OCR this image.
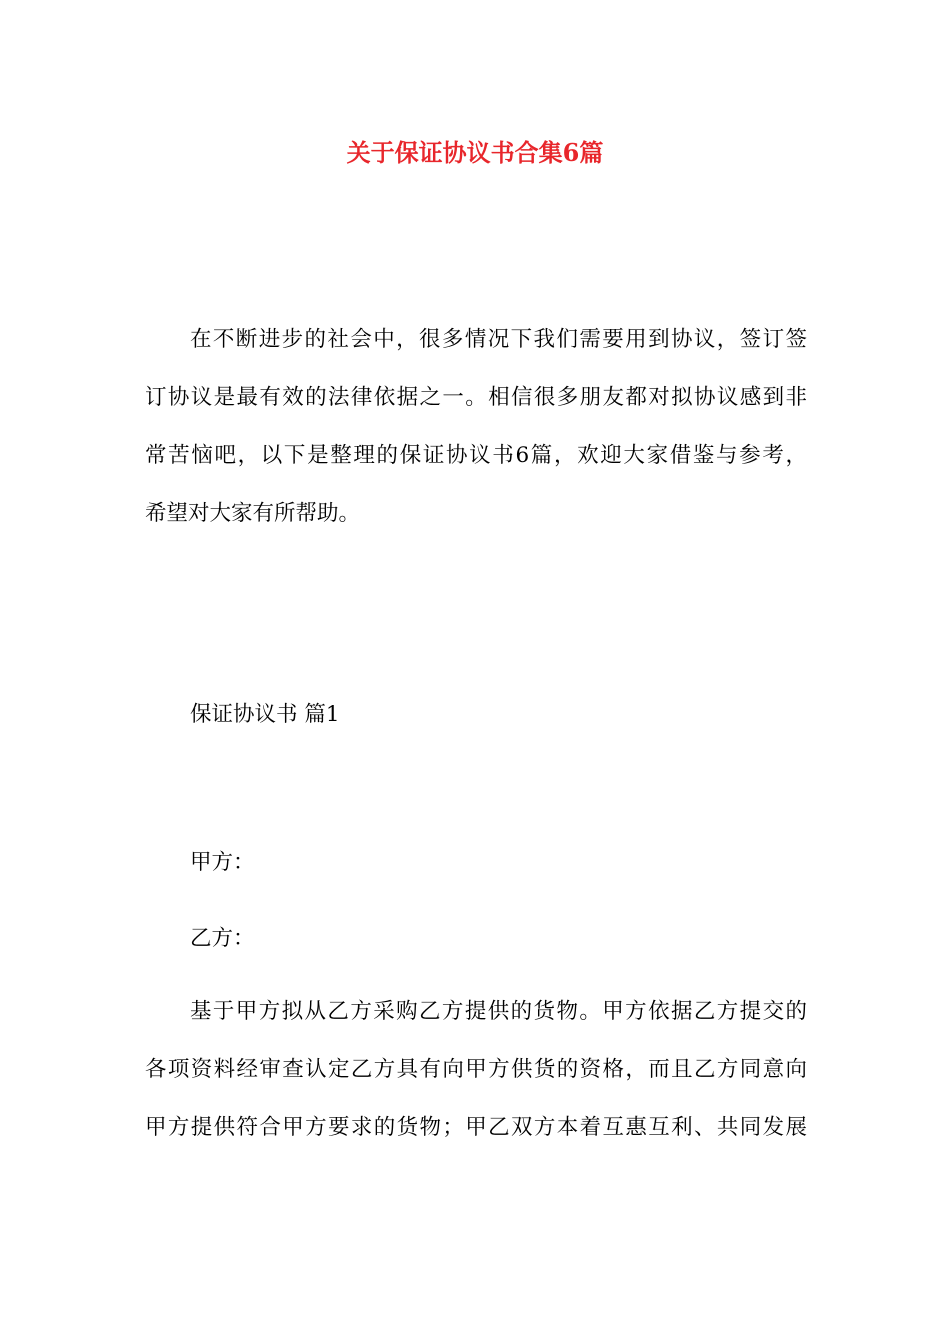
关于保证协议书合集6篇
在不断进步的社会中，很多情况下我们需要用到协议，签订签
订协议是最有效的法律依据之一。相信很多朋友都对拟协议感到非
常苦恼吧，以下是整理的保证协议书6篇，欢迎大家借鉴与参考，
希望对大家有所帮助。
保证协议书 篇1
甲方：
乙方：
基于甲方拟从乙方采购乙方提供的货物。甲方依据乙方提交的
各项资料经审查认定乙方具有向甲方供货的资格，而且乙方同意向
甲方提供符合甲方要求的货物；甲乙双方本着互惠互利、共同发展
